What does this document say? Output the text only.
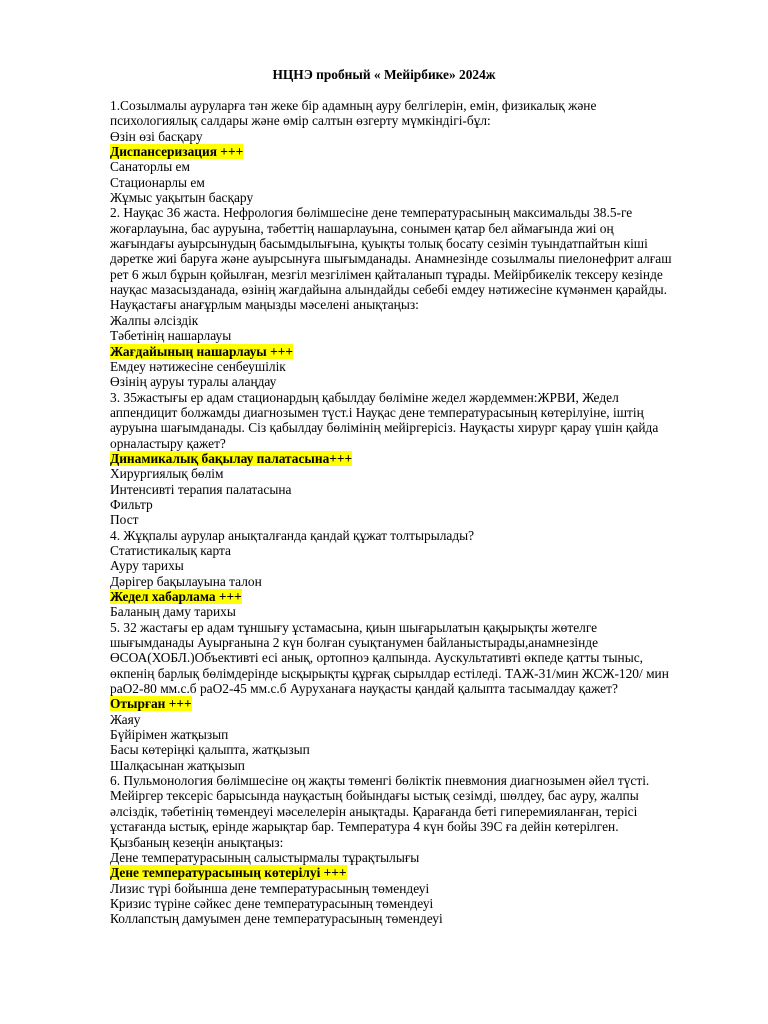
НЦНЭ пробный « Мейірбике» 2024ж
1.Созылмалы ауруларға тән жеке бір адамның ауру белгілерін, емін, физикалық және
психологиялық салдары және өмір салтын өзгерту мүмкіндігі-бұл:
Өзін өзі басқару
Диспансеризация +++
Санаторлы ем
Стационарлы ем
Жұмыс уақытын басқару
2. Науқас 36 жаста. Нефрология бөлімшесіне дене температурасының максимальды 38.5-ге
жоғарлауына, бас ауруына, тәбеттің нашарлауына, сонымен қатар бел аймағында жиі оң
жағындағы ауырсынудың басымдылығына, қуықты толық босату сезімін туындатпайтын кіші
дәретке жиі баруға және ауырсынуға шығымданады. Анамнезінде созылмалы пиелонефрит алғаш
рет 6 жыл бұрын қойылған, мезгіл мезгілімен қайталанып тұрады. Мейірбикелік тексеру кезінде
науқас мазасызданада, өзінің жағдайына алындайды себебі емдеу нәтижесіне күмәнмен қарайды.
Науқастағы анағұрлым маңызды мәселені анықтаңыз:
Жалпы әлсіздік
Тәбетінің нашарлауы
Жағдайының нашарлауы +++
Емдеу нәтижесіне сенбеушілік
Өзінің ауруы туралы алаңдау
3. 35жастығы ер адам стационардың қабылдау бөліміне жедел жәрдеммен:ЖРВИ, Жедел
аппендицит болжамды диагнозымен түст.і Науқас дене температурасының көтерілуіне, іштің
ауруына шағымданады. Сіз қабылдау бөлімінің мейіргерісіз. Науқасты хирург қарау үшін қайда
орналастыру қажет?
Динамикалық бақылау палатасына+++
Хирургиялық бөлім
Интенсивті терапия палатасына
Фильтр
Пост
4. Жұқпалы аурулар анықталғанда қандай құжат толтырылады?
Статистикалық карта
Ауру тарихы
Дәрігер бақылауына талон
Жедел хабарлама +++
Баланың даму тарихы
5. 32 жастағы ер адам тұншығу ұстамасына, қиын шығарылатын қақырықты жөтелге
шығымданады Ауырғанына 2 күн болған суықтанумен байланыстырады,анамнезінде
ӨСОА(ХОБЛ.)Объективті есі анық, ортопноэ қалпында. Аускультативті өкпеде қатты тыныс,
өкпенің барлық бөлімдерінде ысқырықты құрғақ сырылдар естіледі. ТАЖ-31/мин ЖСЖ-120/ мин
раО2-80 мм.с.б раО2-45 мм.с.б Ауруханаға науқасты қандай қалыпта тасымалдау қажет?
Отырған +++
Жаяу
Бүйірімен жатқызып
Басы көтеріңкі қалыпта, жатқызып
Шалқасынан жатқызып
6. Пульмонология бөлімшесіне оң жақты төменгі бөліктік пневмония диагнозымен әйел түсті.
Мейіргер тексеріс барысында науқастың бойындағы ыстық сезімді, шөлдеу, бас ауру, жалпы
әлсіздік, тәбетінің төмендеуі мәселелерін анықтады. Қарағанда беті гиперемияланған, терісі
ұстағанда ыстық, ерінде жарықтар бар. Температура 4 күн бойы 39С ға дейін көтерілген.
Қызбаның кезеңін анықтаңыз:
Дене температурасының салыстырмалы тұрақтылығы
Дене температурасының көтерілуі +++
Лизис түрі бойынша дене температурасының төмендеуі
Кризис түріне сәйкес дене температурасының төмендеуі
Коллапстың дамуымен дене температурасының төмендеуі
